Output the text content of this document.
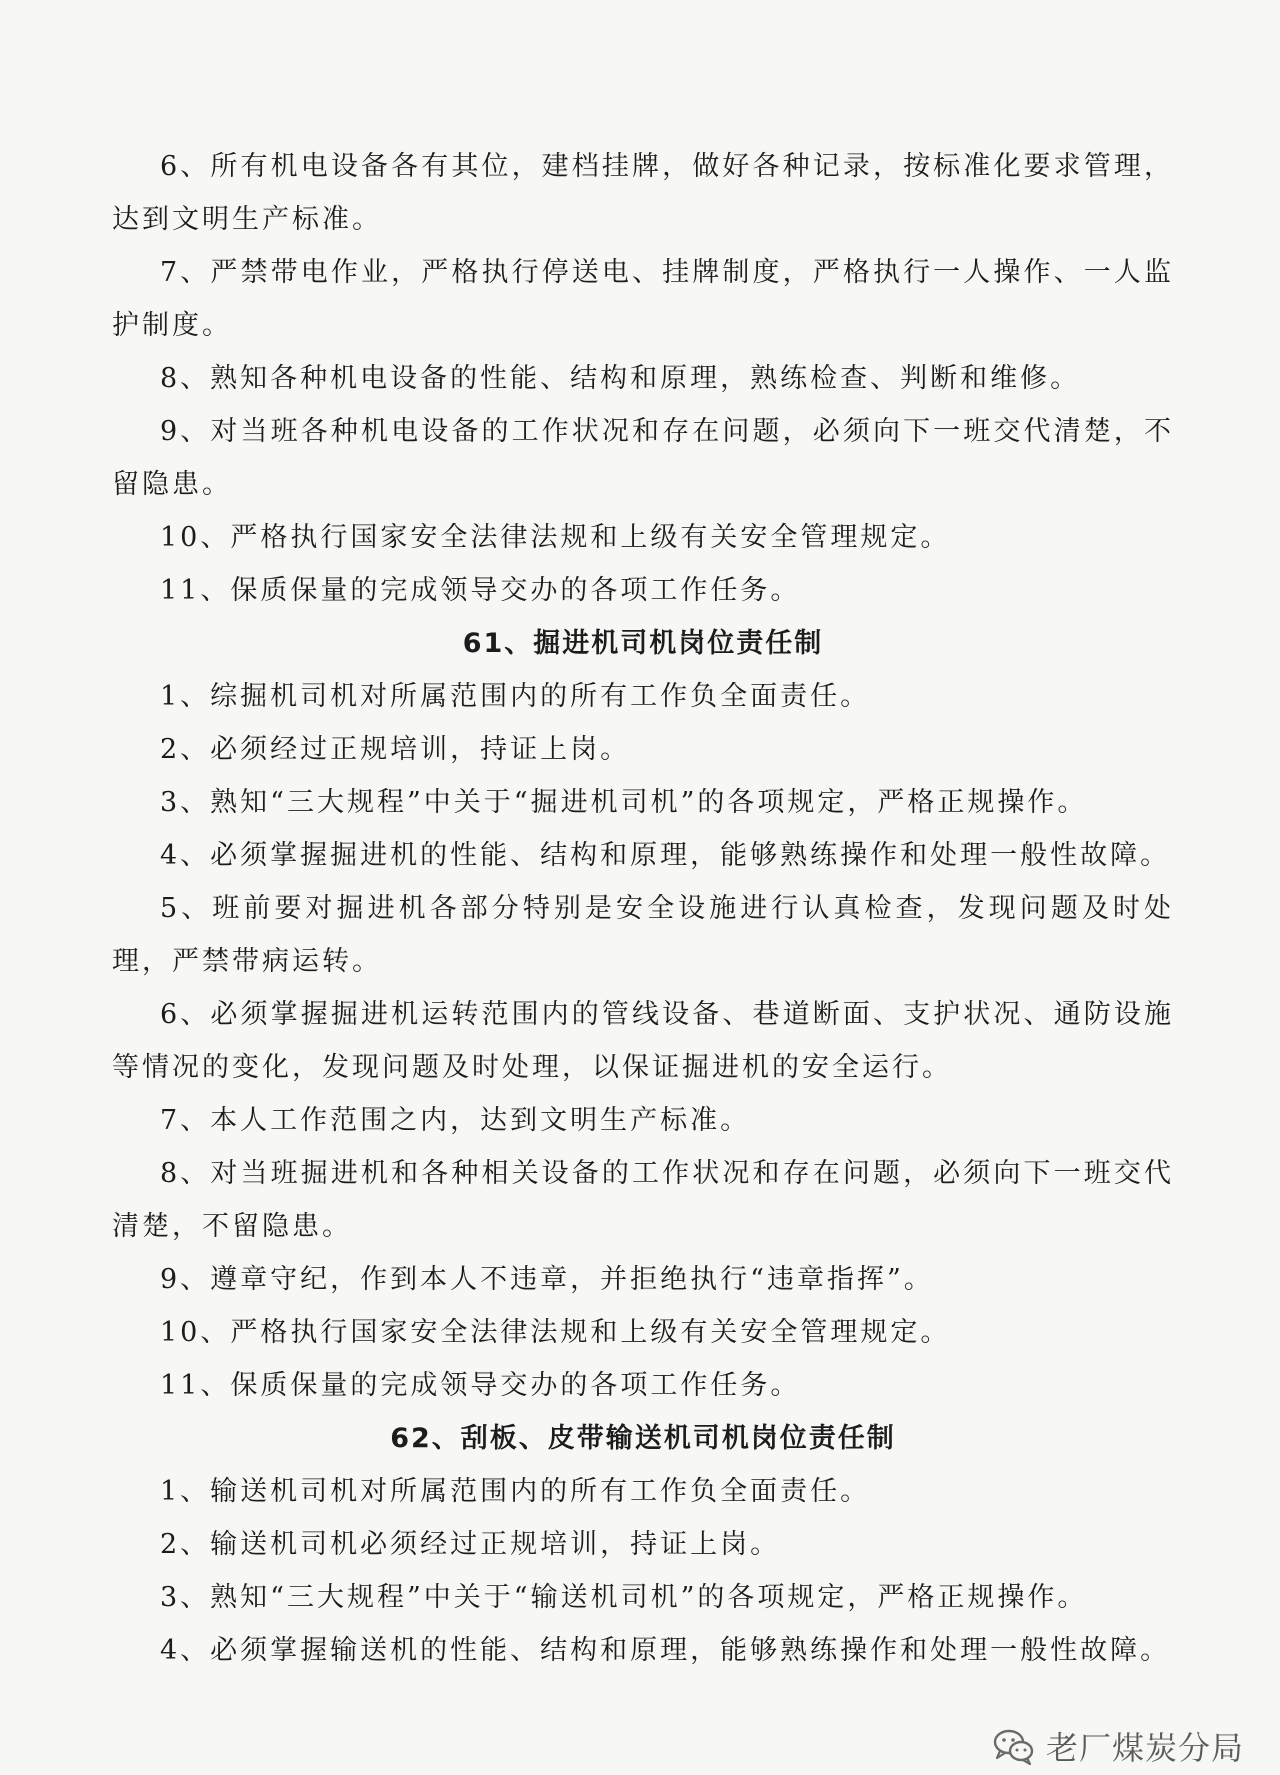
6、所有机电设备各有其位，建档挂牌，做好各种记录，按标准化要求管理，达到文明生产标准。

7、严禁带电作业，严格执行停送电、挂牌制度，严格执行一人操作、一人监护制度。

8、熟知各种机电设备的性能、结构和原理，熟练检查、判断和维修。

9、对当班各种机电设备的工作状况和存在问题，必须向下一班交代清楚，不留隐患。

10、严格执行国家安全法律法规和上级有关安全管理规定。

11、保质保量的完成领导交办的各项工作任务。

61、掘进机司机岗位责任制

1、综掘机司机对所属范围内的所有工作负全面责任。

2、必须经过正规培训，持证上岗。

3、熟知“三大规程”中关于“掘进机司机”的各项规定，严格正规操作。

4、必须掌握掘进机的性能、结构和原理，能够熟练操作和处理一般性故障。

5、班前要对掘进机各部分特别是安全设施进行认真检查，发现问题及时处理，严禁带病运转。

6、必须掌握掘进机运转范围内的管线设备、巷道断面、支护状况、通防设施等情况的变化，发现问题及时处理，以保证掘进机的安全运行。

7、本人工作范围之内，达到文明生产标准。

8、对当班掘进机和各种相关设备的工作状况和存在问题，必须向下一班交代清楚，不留隐患。

9、遵章守纪，作到本人不违章，并拒绝执行“违章指挥”。

10、严格执行国家安全法律法规和上级有关安全管理规定。

11、保质保量的完成领导交办的各项工作任务。

62、刮板、皮带输送机司机岗位责任制

1、输送机司机对所属范围内的所有工作负全面责任。

2、输送机司机必须经过正规培训，持证上岗。

3、熟知“三大规程”中关于“输送机司机”的各项规定，严格正规操作。

4、必须掌握输送机的性能、结构和原理，能够熟练操作和处理一般性故障。

老厂煤炭分局
